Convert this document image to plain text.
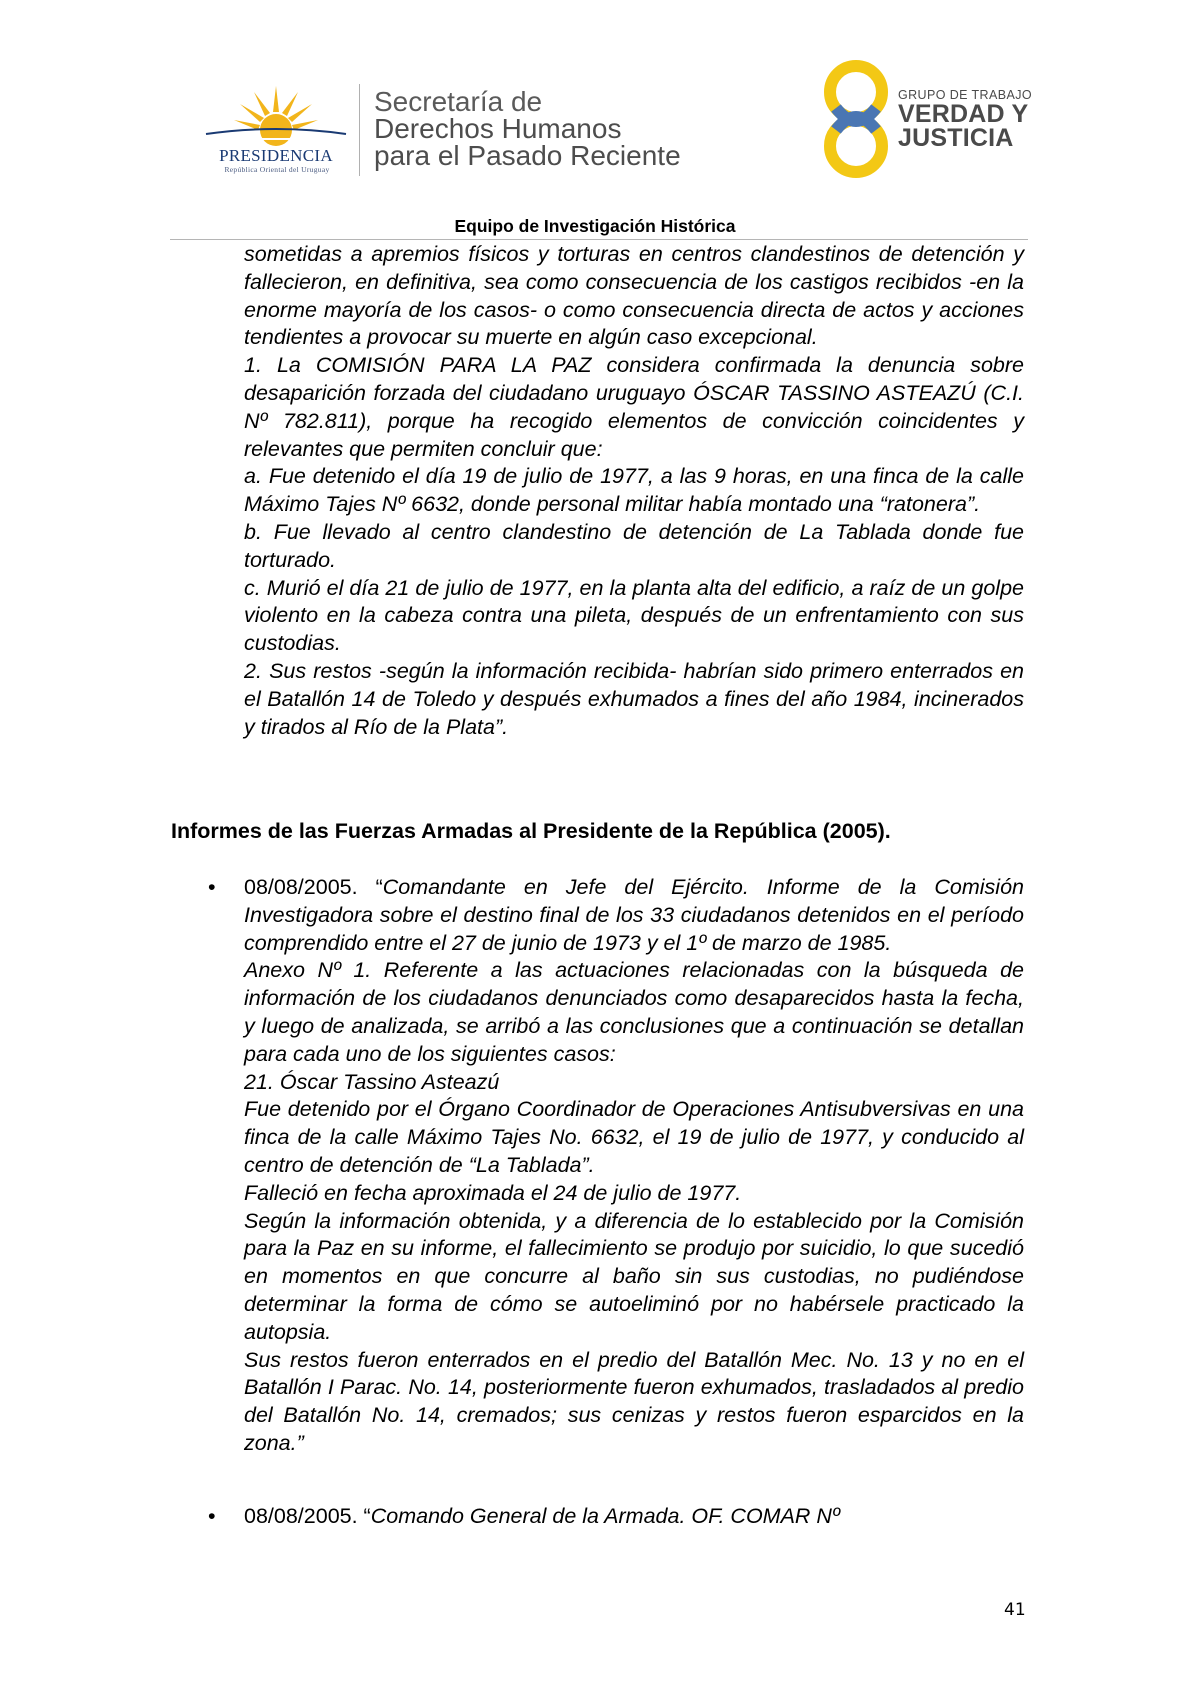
PRESIDENCIA
República Oriental del Uruguay
Secretaría de
Derechos Humanos
para el Pasado Reciente
GRUPO DE TRABAJO
VERDAD Y
JUSTICIA
Equipo de Investigación Histórica

sometidas a apremios físicos y torturas en centros clandestinos de detención y fallecieron, en definitiva, sea como consecuencia de los castigos recibidos -en la enorme mayoría de los casos- o como consecuencia directa de actos y acciones tendientes a provocar su muerte en algún caso excepcional.

1. La COMISIÓN PARA LA PAZ considera confirmada la denuncia sobre desaparición forzada del ciudadano uruguayo ÓSCAR TASSINO ASTEAZÚ (C.I. Nº 782.811), porque ha recogido elementos de convicción coincidentes y relevantes que permiten concluir que:

a. Fue detenido el día 19 de julio de 1977, a las 9 horas, en una finca de la calle Máximo Tajes Nº 6632, donde personal militar había montado una “ratonera”.

b. Fue llevado al centro clandestino de detención de La Tablada donde fue torturado.

c. Murió el día 21 de julio de 1977, en la planta alta del edificio, a raíz de un golpe violento en la cabeza contra una pileta, después de un enfrentamiento con sus custodias.

2. Sus restos -según la información recibida- habrían sido primero enterrados en el Batallón 14 de Toledo y después exhumados a fines del año 1984, incinerados y tirados al Río de la Plata”.

Informes de las Fuerzas Armadas al Presidente de la República (2005).
• 08/08/2005. “Comandante en Jefe del Ejército. Informe de la Comisión Investigadora sobre el destino final de los 33 ciudadanos detenidos en el período comprendido entre el 27 de junio de 1973 y el 1º de marzo de 1985.

Anexo Nº 1. Referente a las actuaciones relacionadas con la búsqueda de información de los ciudadanos denunciados como desaparecidos hasta la fecha, y luego de analizada, se arribó a las conclusiones que a continuación se detallan para cada uno de los siguientes casos:

21. Óscar Tassino Asteazú

Fue detenido por el Órgano Coordinador de Operaciones Antisubversivas en una finca de la calle Máximo Tajes No. 6632, el 19 de julio de 1977, y conducido al centro de detención de “La Tablada”.

Falleció en fecha aproximada el 24 de julio de 1977.

Según la información obtenida, y a diferencia de lo establecido por la Comisión para la Paz en su informe, el fallecimiento se produjo por suicidio, lo que sucedió en momentos en que concurre al baño sin sus custodias, no pudiéndose determinar la forma de cómo se autoeliminó por no habérsele practicado la autopsia.

Sus restos fueron enterrados en el predio del Batallón Mec. No. 13 y no en el Batallón I Parac. No. 14, posteriormente fueron exhumados, trasladados al predio del Batallón No. 14, cremados; sus cenizas y restos fueron esparcidos en la zona.”

• 08/08/2005. “Comando General de la Armada. OF. COMAR Nº

41
